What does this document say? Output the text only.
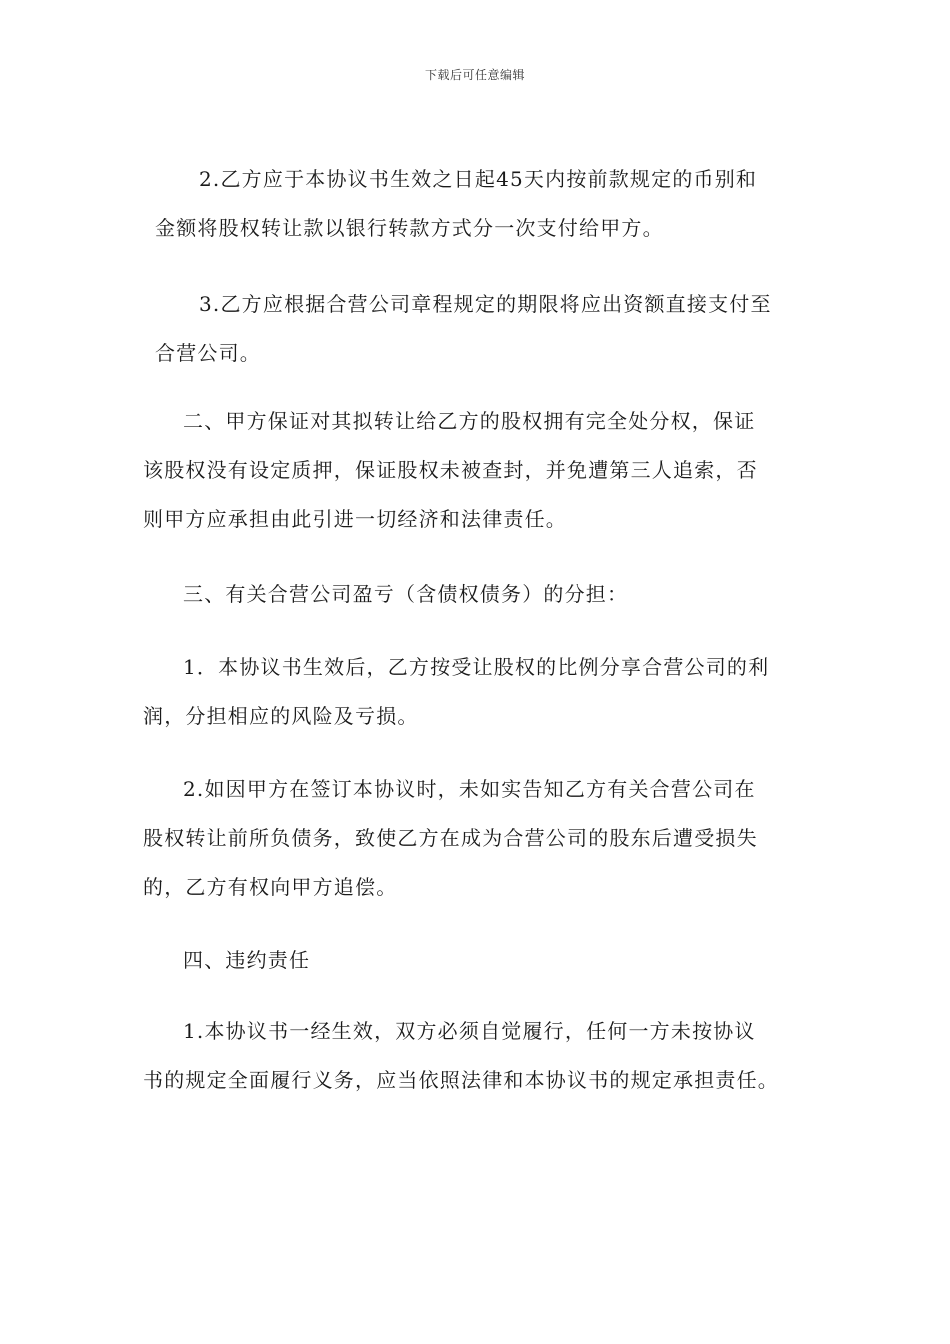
下载后可任意编辑
2.乙方应于本协议书生效之日起45天内按前款规定的币别和
金额将股权转让款以银行转款方式分一次支付给甲方。
3.乙方应根据合营公司章程规定的期限将应出资额直接支付至
合营公司。
二、甲方保证对其拟转让给乙方的股权拥有完全处分权，保证
该股权没有设定质押，保证股权未被查封，并免遭第三人追索，否
则甲方应承担由此引进一切经济和法律责任。
三、有关合营公司盈亏（含债权债务）的分担：
1．本协议书生效后，乙方按受让股权的比例分享合营公司的利
润，分担相应的风险及亏损。
2.如因甲方在签订本协议时，未如实告知乙方有关合营公司在
股权转让前所负债务，致使乙方在成为合营公司的股东后遭受损失
的，乙方有权向甲方追偿。
四、违约责任
1.本协议书一经生效，双方必须自觉履行，任何一方未按协议
书的规定全面履行义务，应当依照法律和本协议书的规定承担责任。
